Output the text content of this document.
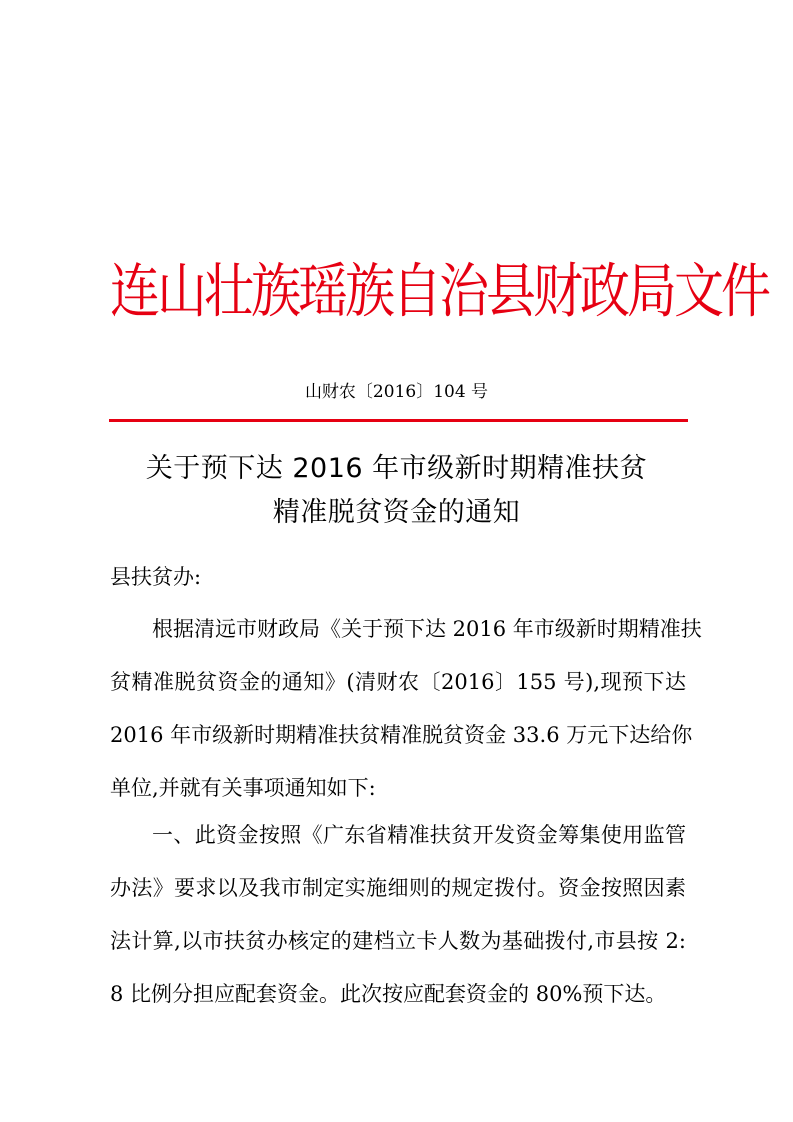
连山壮族瑶族自治县财政局文件
山财农〔2016〕104 号
关于预下达 2016 年市级新时期精准扶贫
精准脱贫资金的通知
县扶贫办:
根据清远市财政局《关于预下达 2016 年市级新时期精准扶
贫精准脱贫资金的通知》(清财农〔2016〕155 号),现预下达
2016 年市级新时期精准扶贫精准脱贫资金 33.6 万元下达给你
单位,并就有关事项通知如下:
一、此资金按照《广东省精准扶贫开发资金筹集使用监管
办法》要求以及我市制定实施细则的规定拨付。资金按照因素
法计算,以市扶贫办核定的建档立卡人数为基础拨付,市县按 2:
8 比例分担应配套资金。此次按应配套资金的 80%预下达。
